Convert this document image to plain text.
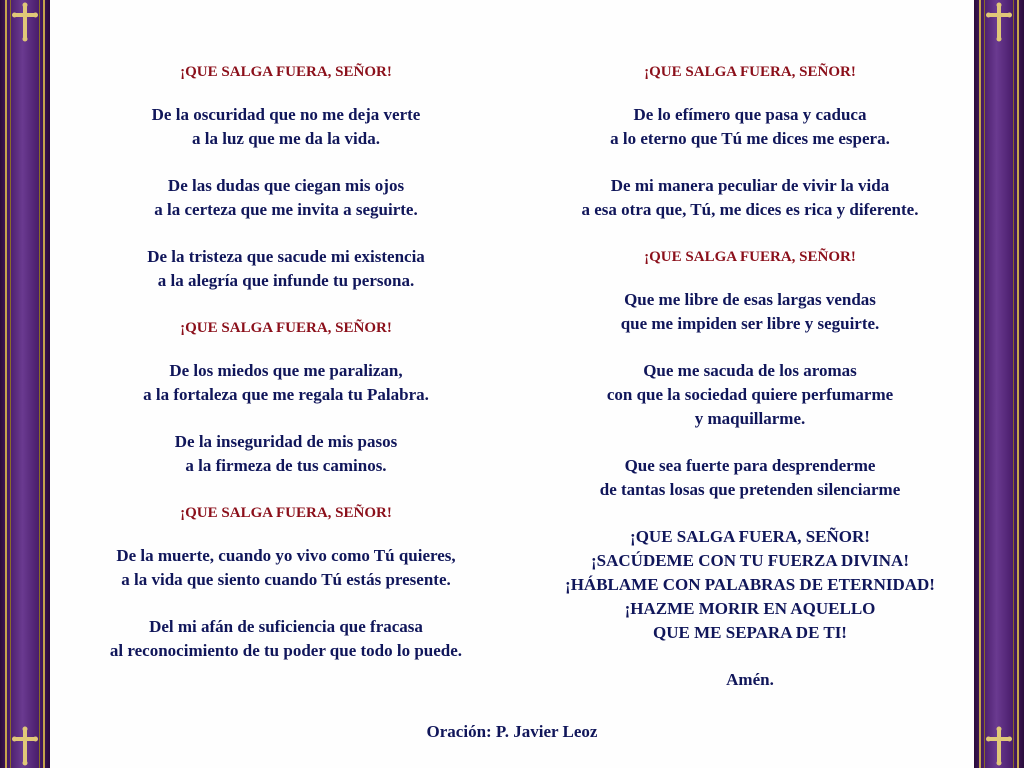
¡QUE SALGA FUERA, SEÑOR!
De la oscuridad que no me deja verte
a la luz que me da la vida.
De las dudas que ciegan mis ojos
a la certeza que me invita a seguirte.
De la tristeza que sacude mi existencia
a la alegría que infunde tu persona.
¡QUE SALGA FUERA, SEÑOR!
De los miedos que me paralizan,
a la fortaleza que me regala tu Palabra.
De la inseguridad de mis pasos
a la firmeza de tus caminos.
¡QUE SALGA FUERA, SEÑOR!
De la muerte, cuando yo vivo como Tú quieres,
a la vida que siento cuando Tú estás presente.
Del mi afán de suficiencia que fracasa
al reconocimiento de tu poder que todo lo puede.
¡QUE SALGA FUERA, SEÑOR!
De lo efímero que pasa y caduca
a lo eterno que Tú me dices me espera.
De mi manera peculiar de vivir la vida
a esa otra que, Tú, me dices es rica y diferente.
¡QUE SALGA FUERA, SEÑOR!
Que me libre de esas largas vendas
que me impiden ser libre y seguirte.
Que me sacuda de los aromas
con que la sociedad quiere perfumarme
y maquillarme.
Que sea fuerte para desprenderme
de tantas losas que pretenden silenciarme
¡QUE SALGA FUERA, SEÑOR!
¡SACÚDEME CON TU FUERZA DIVINA!
¡HÁBLAME CON PALABRAS DE ETERNIDAD!
¡HAZME MORIR EN AQUELLO
QUE ME SEPARA DE TI!
Amén.
Oración: P. Javier Leoz
